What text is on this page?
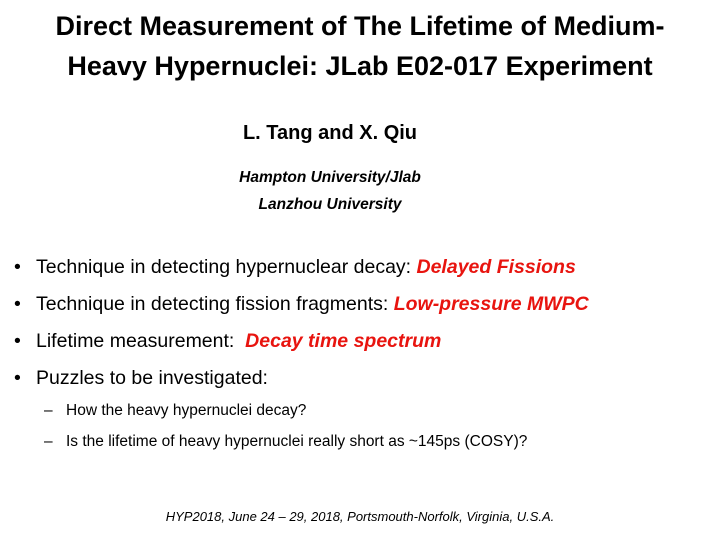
Direct Measurement of The Lifetime of Medium-
Heavy Hypernuclei: JLab E02-017 Experiment
L. Tang and X. Qiu
Hampton University/Jlab
Lanzhou University
• Technique in detecting hypernuclear decay: Delayed Fissions
• Technique in detecting fission fragments: Low-pressure MWPC
• Lifetime measurement:  Decay time spectrum
• Puzzles to be investigated:
– How the heavy hypernuclei decay?
– Is the lifetime of heavy hypernuclei really short as ~145ps (COSY)?
HYP2018, June 24 – 29, 2018, Portsmouth-Norfolk, Virginia, U.S.A.
